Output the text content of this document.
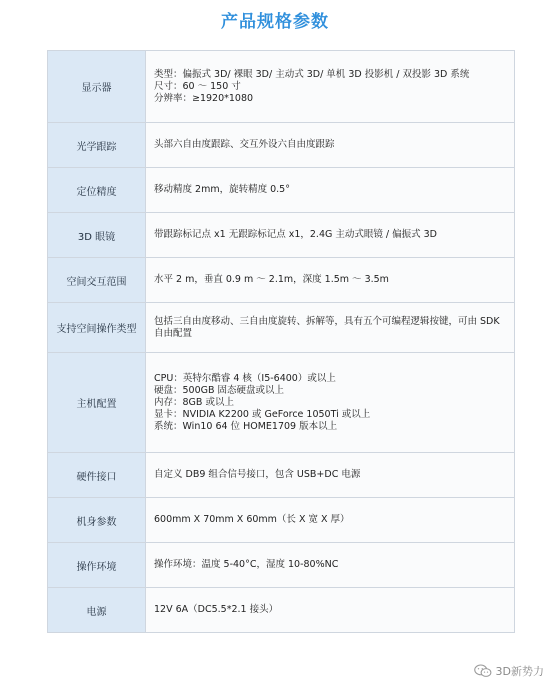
产品规格参数
显示器	类型：偏振式 3D/ 裸眼 3D/ 主动式 3D/ 单机 3D 投影机 / 双投影 3D 系统
尺寸：60 ～ 150 寸
分辨率：≥1920*1080

光学跟踪	头部六自由度跟踪、交互外设六自由度跟踪

定位精度	移动精度 2mm，旋转精度 0.5°

3D 眼镜	带跟踪标记点 x1 无跟踪标记点 x1，2.4G 主动式眼镜 / 偏振式 3D

空间交互范围	水平 2 m，垂直 0.9 m ～ 2.1m，深度 1.5m ～ 3.5m

支持空间操作类型	包括三自由度移动、三自由度旋转、拆解等，具有五个可编程逻辑按键，可由 SDK 自由配置

主机配置	CPU：英特尔酷睿 4 核（I5-6400）或以上
硬盘：500GB 固态硬盘或以上
内存：8GB 或以上
显卡：NVIDIA K2200 或 GeForce 1050Ti 或以上
系统：Win10 64 位 HOME1709 版本以上

硬件接口	自定义 DB9 组合信号接口，包含 USB+DC 电源

机身参数	600mm X 70mm X 60mm（长 X 宽 X 厚）

操作环境	操作环境：温度 5-40°C，湿度 10-80%NC

电源	12V 6A（DC5.5*2.1 接头）
3D新势力
